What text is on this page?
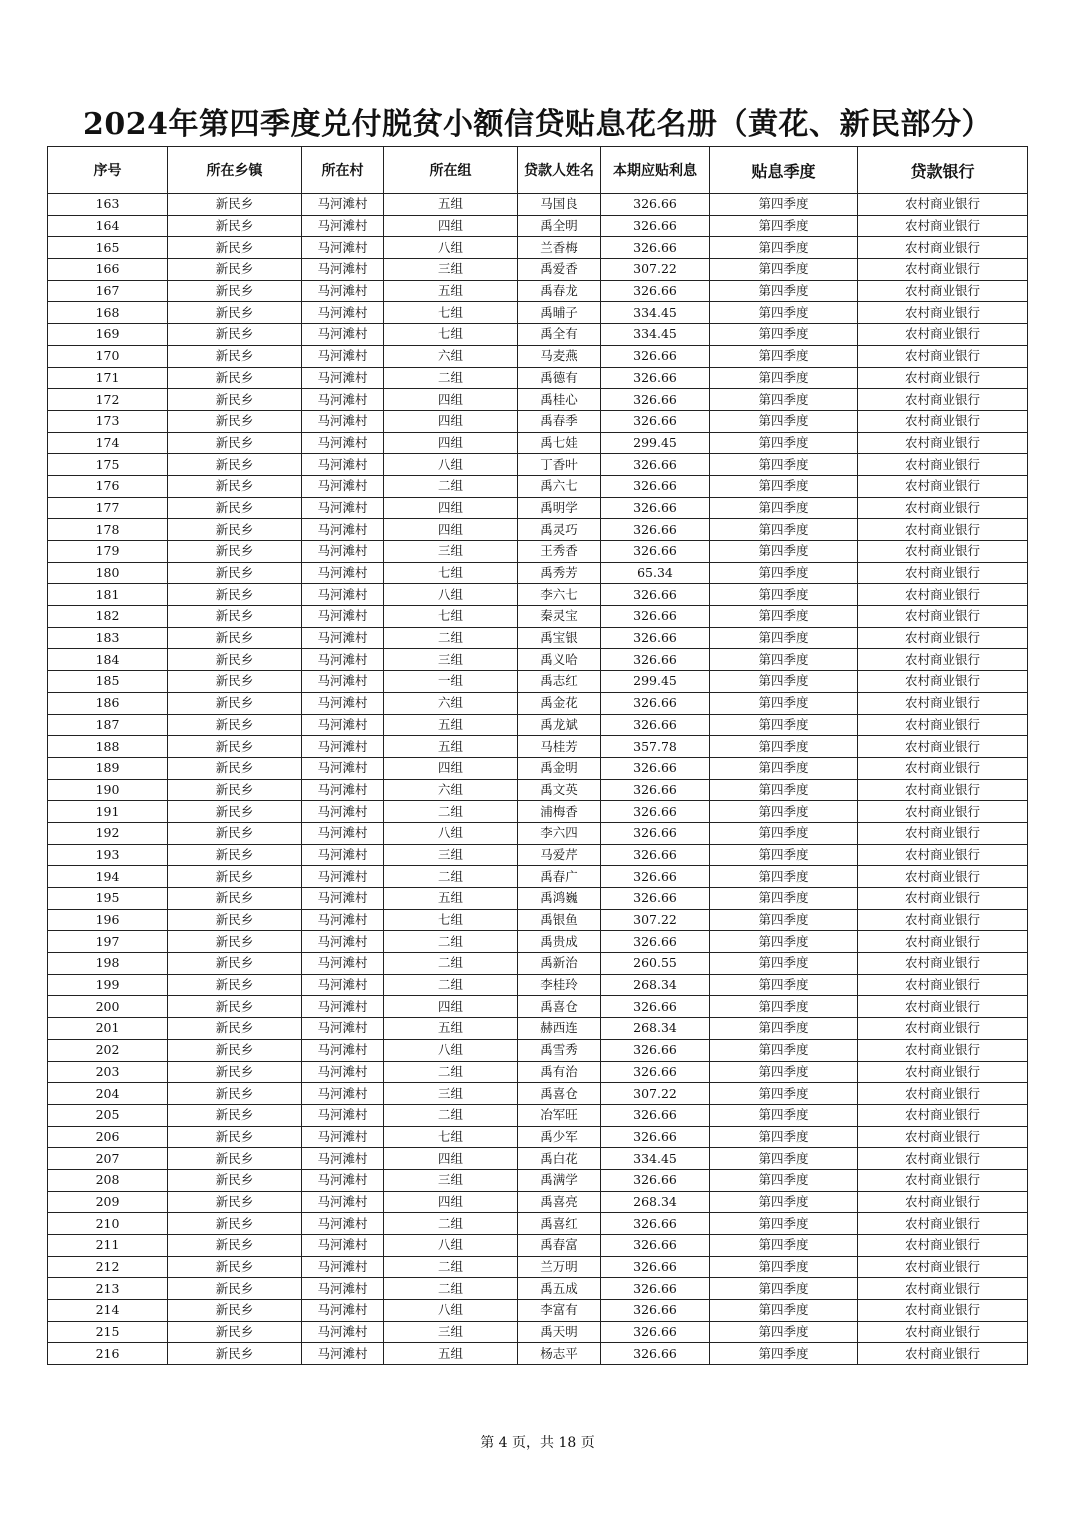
2024年第四季度兑付脱贫小额信贷贴息花名册（黄花、新民部分）
序号	所在乡镇	所在村	所在组	贷款人姓名	本期应贴利息	贴息季度	贷款银行
163	新民乡	马河滩村	五组	马国良	326.66	第四季度	农村商业银行
164	新民乡	马河滩村	四组	禹全明	326.66	第四季度	农村商业银行
165	新民乡	马河滩村	八组	兰香梅	326.66	第四季度	农村商业银行
166	新民乡	马河滩村	三组	禹爱香	307.22	第四季度	农村商业银行
167	新民乡	马河滩村	五组	禹春龙	326.66	第四季度	农村商业银行
168	新民乡	马河滩村	七组	禹晡子	334.45	第四季度	农村商业银行
169	新民乡	马河滩村	七组	禹全有	334.45	第四季度	农村商业银行
170	新民乡	马河滩村	六组	马麦燕	326.66	第四季度	农村商业银行
171	新民乡	马河滩村	二组	禹德有	326.66	第四季度	农村商业银行
172	新民乡	马河滩村	四组	禹桂心	326.66	第四季度	农村商业银行
173	新民乡	马河滩村	四组	禹春季	326.66	第四季度	农村商业银行
174	新民乡	马河滩村	四组	禹七娃	299.45	第四季度	农村商业银行
175	新民乡	马河滩村	八组	丁香叶	326.66	第四季度	农村商业银行
176	新民乡	马河滩村	二组	禹六七	326.66	第四季度	农村商业银行
177	新民乡	马河滩村	四组	禹明学	326.66	第四季度	农村商业银行
178	新民乡	马河滩村	四组	禹灵巧	326.66	第四季度	农村商业银行
179	新民乡	马河滩村	三组	王秀香	326.66	第四季度	农村商业银行
180	新民乡	马河滩村	七组	禹秀芳	65.34	第四季度	农村商业银行
181	新民乡	马河滩村	八组	李六七	326.66	第四季度	农村商业银行
182	新民乡	马河滩村	七组	秦灵宝	326.66	第四季度	农村商业银行
183	新民乡	马河滩村	二组	禹宝银	326.66	第四季度	农村商业银行
184	新民乡	马河滩村	三组	禹义哈	326.66	第四季度	农村商业银行
185	新民乡	马河滩村	一组	禹志红	299.45	第四季度	农村商业银行
186	新民乡	马河滩村	六组	禹金花	326.66	第四季度	农村商业银行
187	新民乡	马河滩村	五组	禹龙斌	326.66	第四季度	农村商业银行
188	新民乡	马河滩村	五组	马桂芳	357.78	第四季度	农村商业银行
189	新民乡	马河滩村	四组	禹金明	326.66	第四季度	农村商业银行
190	新民乡	马河滩村	六组	禹文英	326.66	第四季度	农村商业银行
191	新民乡	马河滩村	二组	浦梅香	326.66	第四季度	农村商业银行
192	新民乡	马河滩村	八组	李六四	326.66	第四季度	农村商业银行
193	新民乡	马河滩村	三组	马爱芹	326.66	第四季度	农村商业银行
194	新民乡	马河滩村	二组	禹春广	326.66	第四季度	农村商业银行
195	新民乡	马河滩村	五组	禹鸿巍	326.66	第四季度	农村商业银行
196	新民乡	马河滩村	七组	禹银鱼	307.22	第四季度	农村商业银行
197	新民乡	马河滩村	二组	禹贵成	326.66	第四季度	农村商业银行
198	新民乡	马河滩村	二组	禹新治	260.55	第四季度	农村商业银行
199	新民乡	马河滩村	二组	李桂玲	268.34	第四季度	农村商业银行
200	新民乡	马河滩村	四组	禹喜仓	326.66	第四季度	农村商业银行
201	新民乡	马河滩村	五组	赫西连	268.34	第四季度	农村商业银行
202	新民乡	马河滩村	八组	禹雪秀	326.66	第四季度	农村商业银行
203	新民乡	马河滩村	二组	禹有治	326.66	第四季度	农村商业银行
204	新民乡	马河滩村	三组	禹喜仓	307.22	第四季度	农村商业银行
205	新民乡	马河滩村	二组	冶军旺	326.66	第四季度	农村商业银行
206	新民乡	马河滩村	七组	禹少军	326.66	第四季度	农村商业银行
207	新民乡	马河滩村	四组	禹白花	334.45	第四季度	农村商业银行
208	新民乡	马河滩村	三组	禹满学	326.66	第四季度	农村商业银行
209	新民乡	马河滩村	四组	禹喜亮	268.34	第四季度	农村商业银行
210	新民乡	马河滩村	二组	禹喜红	326.66	第四季度	农村商业银行
211	新民乡	马河滩村	八组	禹春富	326.66	第四季度	农村商业银行
212	新民乡	马河滩村	二组	兰万明	326.66	第四季度	农村商业银行
213	新民乡	马河滩村	二组	禹五成	326.66	第四季度	农村商业银行
214	新民乡	马河滩村	八组	李富有	326.66	第四季度	农村商业银行
215	新民乡	马河滩村	三组	禹天明	326.66	第四季度	农村商业银行
216	新民乡	马河滩村	五组	杨志平	326.66	第四季度	农村商业银行
第 4 页，共 18 页
